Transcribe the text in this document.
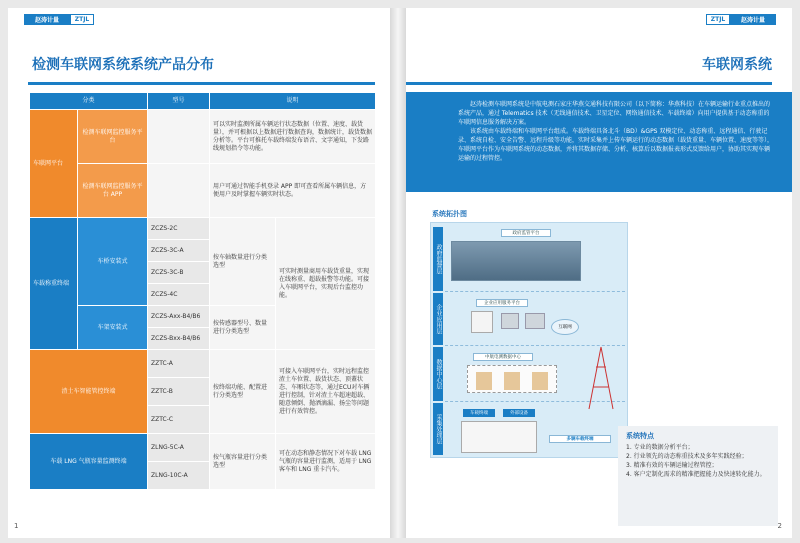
赵涛计量	ZTJL
检测车联网系统系统产品分布
分类		型号	说明	
车联网平台	检测车联网监控服务平台		可以实时监测所属车辆运行状态数据（位置、速度、载货量），并可根据以上数据进行数据查询，数据统计，载货数据分析等。平台可推托车载终端发布语音、文字通知，下发路线规划指令等功能。	
	检测车联网监控服务平台 APP		用户可通过智能手机登录 APP 即可查看所属车辆信息，方便用户及时掌握车辆实时状态。	
车载称重终端	车桥安装式	ZCZS-2C	按车轴数量进行分类选型	可实时测量商用车载货重量，实现在线称重、超载报警等功能。可接入车联网平台，实现后台监控功能。
		ZCZS-3C-A		
		ZCZS-3C-B		
		ZCZS-4C		
	车架安装式	ZCZS-Axx-B4/B6	按传感器型号、数量进行分类选型	
		ZCZS-Bxx-B4/B6		
渣土车智能管控终端		ZZTC-A	按终端功能、配置进行分类选型	可接入车联网平台，实时远程监控渣土车位置、载货状态、顶蓋状态、车厢状态等，通过ECU对车辆进行控制，针对渣土车超速超载、随意倾倒、抛洒滴漏、扬尘等问题进行有效管控。
		ZZTC-B		
		ZZTC-C		
车载 LNG 气瓶容量监测终端		ZLNG-5C-A	按气瓶容量进行分类选型	可在动态和静态情况下对车载 LNG 气瓶的容量进行监测，适用于 LNG 客车和 LNG 重卡汽车。
		ZLNG-10C-A		
1
ZTJL	赵涛计量
车联网系统

赵涛检测车联网系统是中航电测石家庄华燕交通科技有限公司（以下简称：华燕科技）在车辆运输行业重点推出的系统产品，通过 Telematics 技术（无线通信技术、卫星定位、网络通信技术、车载终端）向用户提供基于动态称重的车联网信息服务解决方案。

该系统由车载终端和车联网平台组成。车载终端具备北斗（BD）&GPS 双模定位、动态称重、远程通信、行驶记录、系统自检、安全告警、远程升级等功能，实时采集并上传车辆运行的动态数据（载货重量、车辆位置、速度等等），车联网平台作为车联网系统的动态数据，并将其数据存储、分析、核算后以数据报表形式反馈给用户，协助其实现车辆运输的过程管控。

系统拓扑图
政府监督层
企业应用层
数据中心层
采集处理层
政府监管平台
企业应用服务平台
互联网
中航电测数据中心
车载终端	外部设备
多辆车载终端	系统特点
1. 专业的数据分析平台；
2. 行业领先的动态称重技术及多年实践经验；
3. 精准有效的车辆运输过程管控；
4. 客户定制化需求的精准把握能力及快速转化能力。
2
